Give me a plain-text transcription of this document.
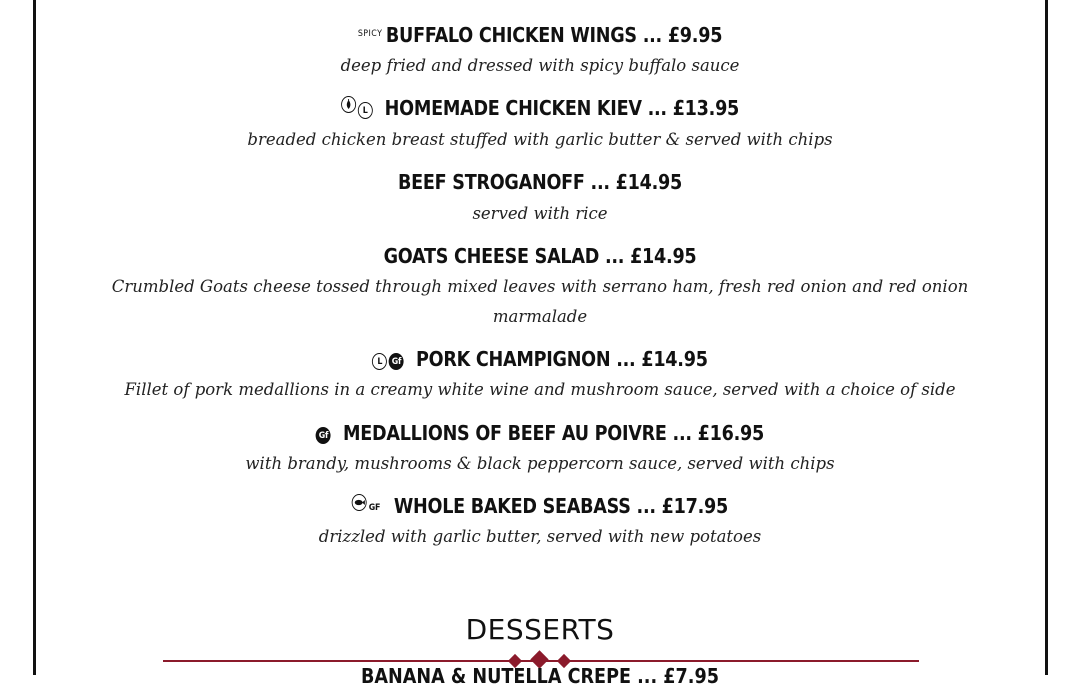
$^{SPICY}$ BUFFALO CHICKEN WINGS ... £9.95
deep fried and dressed with spicy buffalo sauce
L HOMEMADE CHICKEN KIEV ... £13.95
breaded chicken breast stuffed with garlic butter & served with chips
BEEF STROGANOFF ... £14.95
served with rice
GOATS CHEESE SALAD ... £14.95
Crumbled Goats cheese tossed through mixed leaves with serrano ham, fresh red onion and red onion
marmalade
L Gf PORK CHAMPIGNON ... £14.95
Fillet of pork medallions in a creamy white wine and mushroom sauce, served with a choice of side
Gf MEDALLIONS OF BEEF AU POIVRE ... £16.95
with brandy, mushrooms & black peppercorn sauce, served with chips
GF WHOLE BAKED SEABASS ... £17.95
drizzled with garlic butter, served with new potatoes
DESSERTS
BANANA & NUTELLA CREPE ... £7.95
